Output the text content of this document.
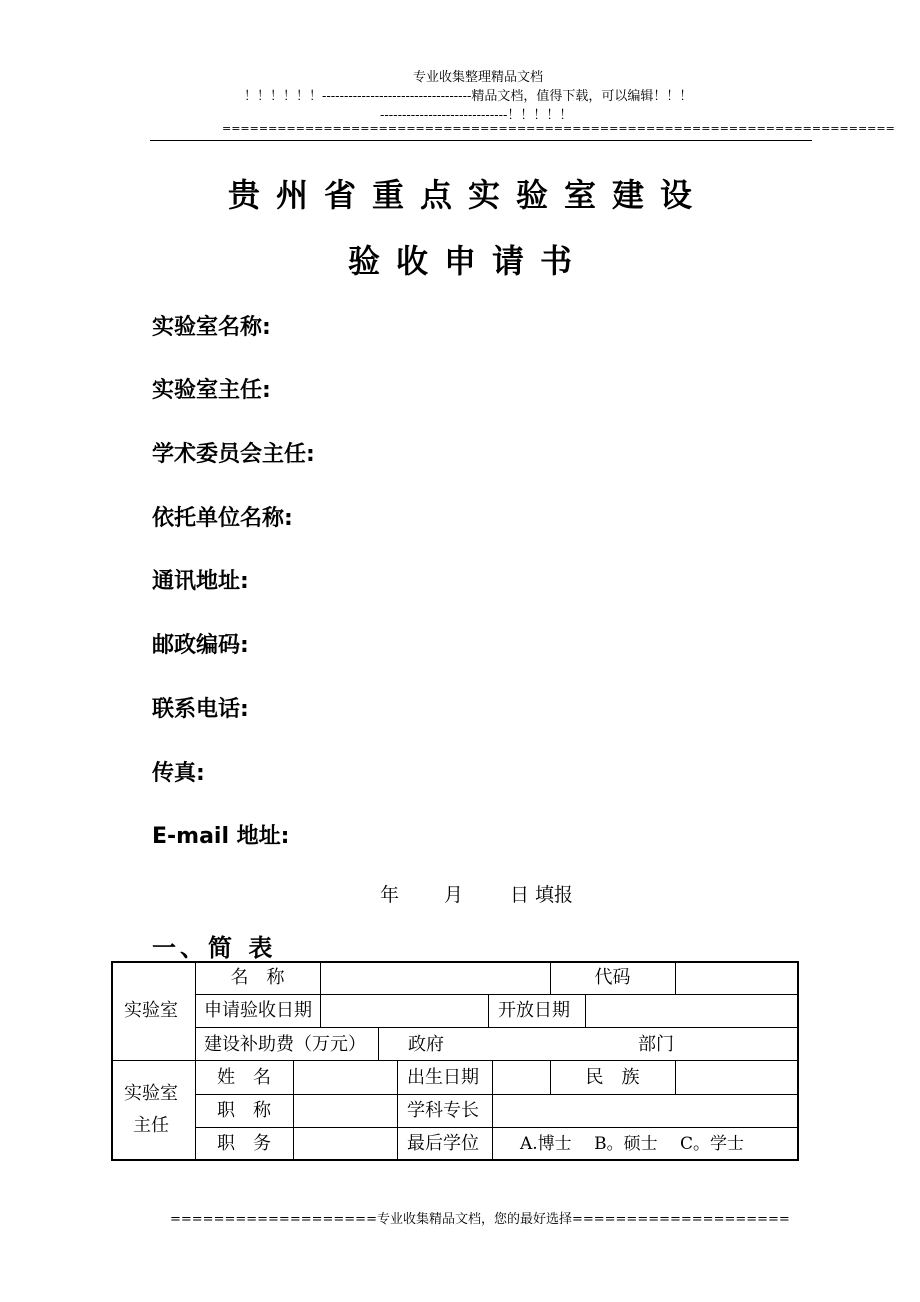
专业收集整理精品文档
！！！！！！----------------------------------精品文档，值得下载，可以编辑！！！
-----------------------------！！！！！
=========================================================================
贵州省重点实验室建设
验收申请书
实验室名称:
实验室主任:
学术委员会主任:
依托单位名称:
通讯地址:
邮政编码:
联系电话:
传真:
E-mail 地址:
年 月 日 填报
一、简 表
实验室
名　称	代码
申请验收日期	开放日期
建设补助费（万元） 政府	部门
实验室
主任
姓　名	出生日期	民　族
职　称	学科专长
职　务	最后学位 A.博士　 B。硕士　 C。学士
===================专业收集精品文档，您的最好选择====================
